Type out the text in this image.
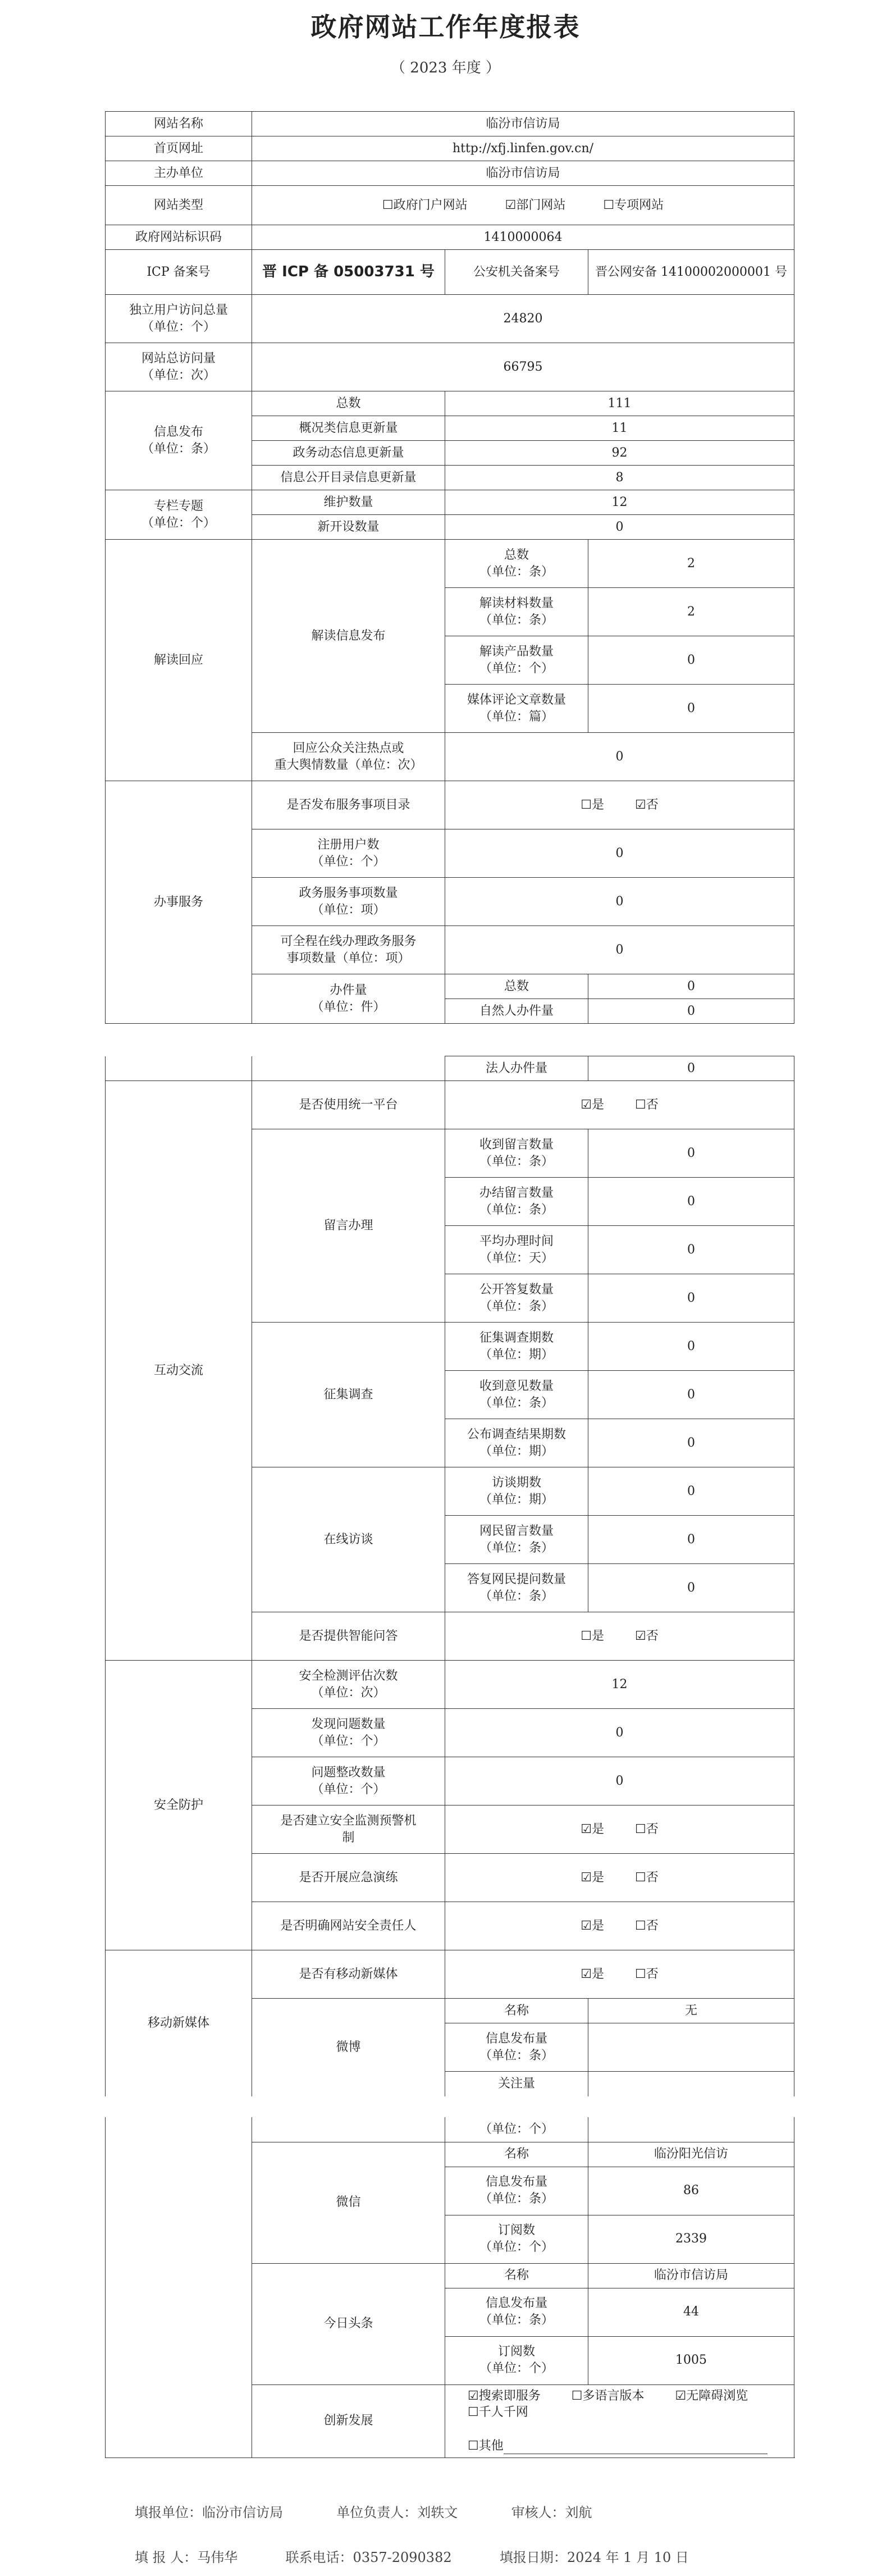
政府网站工作年度报表
（ 2023 年度 ）
网站名称	临汾市信访局		
首页网址	http://xfj.linfen.gov.cn/		
主办单位	临汾市信访局		
网站类型	☐政府门户网站 ☑部门网站 ☐专项网站		
政府网站标识码	1410000064		
ICP 备案号	晋 ICP 备 05003731 号	公安机关备案号	晋公网安备 14100002000001 号
独立用户访问总量
（单位：个）	24820		
网站总访问量
（单位：次）	66795		
信息发布
（单位：条）	总数	111	
	概况类信息更新量	11	
	政务动态信息更新量	92	
	信息公开目录信息更新量	8	
专栏专题
（单位：个）	维护数量	12	
	新开设数量	0	
解读回应	解读信息发布	总数
（单位：条）	2
		解读材料数量
（单位：条）	2
		解读产品数量
（单位：个）	0
		媒体评论文章数量
（单位：篇）	0
	回应公众关注热点或
重大舆情数量（单位：次）	0	
办事服务	是否发布服务事项目录	☐是 ☑否	
	注册用户数
（单位：个）	0	
	政务服务事项数量
（单位：项）	0	
	可全程在线办理政务服务
事项数量（单位：项）	0	
	办件量
（单位：件）	总数	0
		自然人办件量	0
		法人办件量	0
互动交流	是否使用统一平台	☑是 ☐否	
	留言办理	收到留言数量
（单位：条）	0
		办结留言数量
（单位：条）	0
		平均办理时间
（单位：天）	0
		公开答复数量
（单位：条）	0
	征集调查	征集调查期数
（单位：期）	0
		收到意见数量
（单位：条）	0
		公布调查结果期数
（单位：期）	0
	在线访谈	访谈期数
（单位：期）	0
		网民留言数量
（单位：条）	0
		答复网民提问数量
（单位：条）	0
	是否提供智能问答	☐是 ☑否	
安全防护	安全检测评估次数
（单位：次）	12	
	发现问题数量
（单位：个）	0	
	问题整改数量
（单位：个）	0	
	是否建立安全监测预警机
制	☑是 ☐否	
	是否开展应急演练	☑是 ☐否	
	是否明确网站安全责任人	☑是 ☐否	
移动新媒体	是否有移动新媒体	☑是 ☐否	
	微博	名称	无
		信息发布量
（单位：条）	
		关注量	
		（单位：个）	
	微信	名称	临汾阳光信访
		信息发布量
（单位：条）	86
		订阅数
（单位：个）	2339
	今日头条	名称	临汾市信访局
		信息发布量
（单位：条）	44
		订阅数
（单位：个）	1005
	创新发展	☑搜索即服务 ☐多语言版本 ☑无障碍浏览 ☐千人千网

☐其他	
填报单位：临汾市信访局	单位负责人：刘轶文	审核人：刘航
填 报 人：马伟华	联系电话：0357-2090382	填报日期：2024 年 1 月 10 日
